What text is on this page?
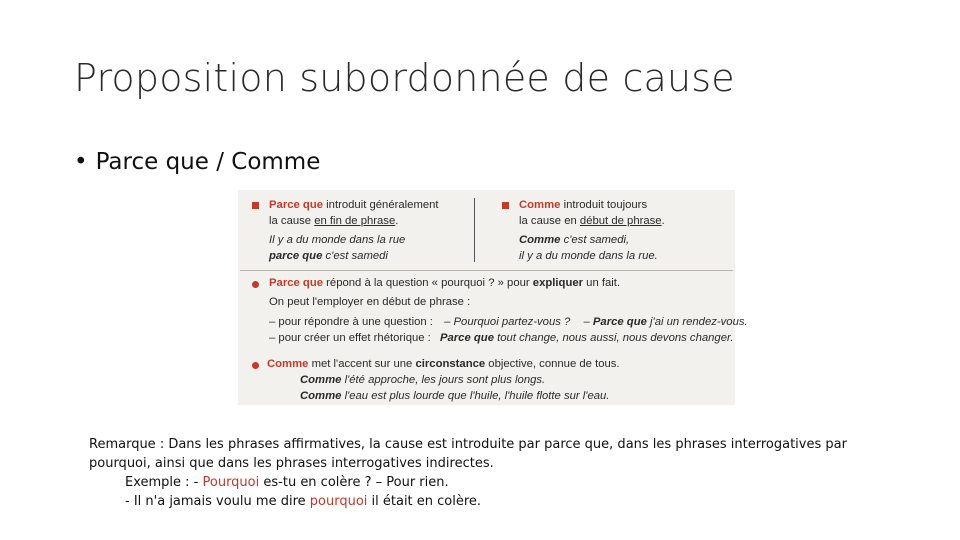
Proposition subordonnée de cause
• Parce que / Comme
Parce que introduit généralement
la cause en fin de phrase.
Il y a du monde dans la rue
parce que c'est samedi
Comme introduit toujours
la cause en début de phrase.
Comme c'est samedi,
il y a du monde dans la rue.
Parce que répond à la question « pourquoi ? » pour expliquer un fait.
On peut l'employer en début de phrase :
– pour répondre à une question : – Pourquoi partez-vous ? – Parce que j'ai un rendez-vous.
– pour créer un effet rhétorique : Parce que tout change, nous aussi, nous devons changer.
Comme met l'accent sur une circonstance objective, connue de tous.
Comme l'été approche, les jours sont plus longs.
Comme l'eau est plus lourde que l'huile, l'huile flotte sur l'eau.
Remarque : Dans les phrases affirmatives, la cause est introduite par parce que, dans les phrases interrogatives par
pourquoi, ainsi que dans les phrases interrogatives indirectes.
Exemple : - Pourquoi es-tu en colère ? – Pour rien.
- Il n'a jamais voulu me dire pourquoi il était en colère.
